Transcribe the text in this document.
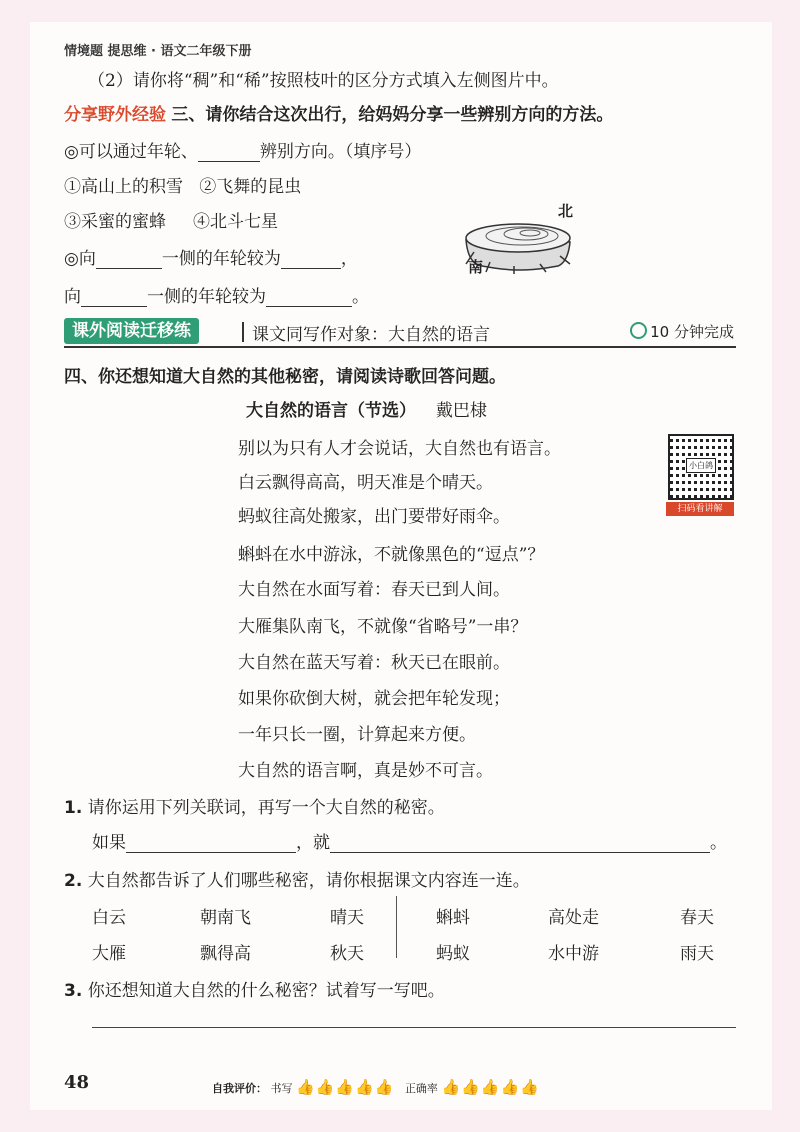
情境题 提思维 · 语文二年级下册
（2）请你将“稠”和“稀”按照枝叶的区分方式填入左侧图片中。
分享野外经验 三、请你结合这次出行，给妈妈分享一些辨别方向的方法。
◎可以通过年轮、	辨别方向。（填序号）
①高山上的积雪 ②飞舞的昆虫
③采蜜的蜜蜂 ④北斗七星
◎向	一侧的年轮较为	，
向	一侧的年轮较为	。
北
南
课外阅读迁移练	课文同写作对象：大自然的语言	10 分钟完成
四、你还想知道大自然的其他秘密，请阅读诗歌回答问题。
大自然的语言（节选） 戴巴棣
别以为只有人才会说话，大自然也有语言。
白云飘得高高，明天准是个晴天。
蚂蚁往高处搬家，出门要带好雨伞。
蝌蚪在水中游泳，不就像黑色的“逗点”？
大自然在水面写着：春天已到人间。
大雁集队南飞，不就像“省略号”一串？
大自然在蓝天写着：秋天已在眼前。
如果你砍倒大树，就会把年轮发现；
一年只长一圈，计算起来方便。
大自然的语言啊，真是妙不可言。
小白鸽
扫码看讲解
1. 请你运用下列关联词，再写一个大自然的秘密。
如果	，就	。
2. 大自然都告诉了人们哪些秘密，请你根据课文内容连一连。
白云	朝南飞	晴天	蝌蚪	高处走	春天
大雁	飘得高	秋天	蚂蚁	水中游	雨天
3. 你还想知道大自然的什么秘密？试着写一写吧。
48	自我评价： 书写 👍👍👍👍👍 正确率 👍👍👍👍👍
